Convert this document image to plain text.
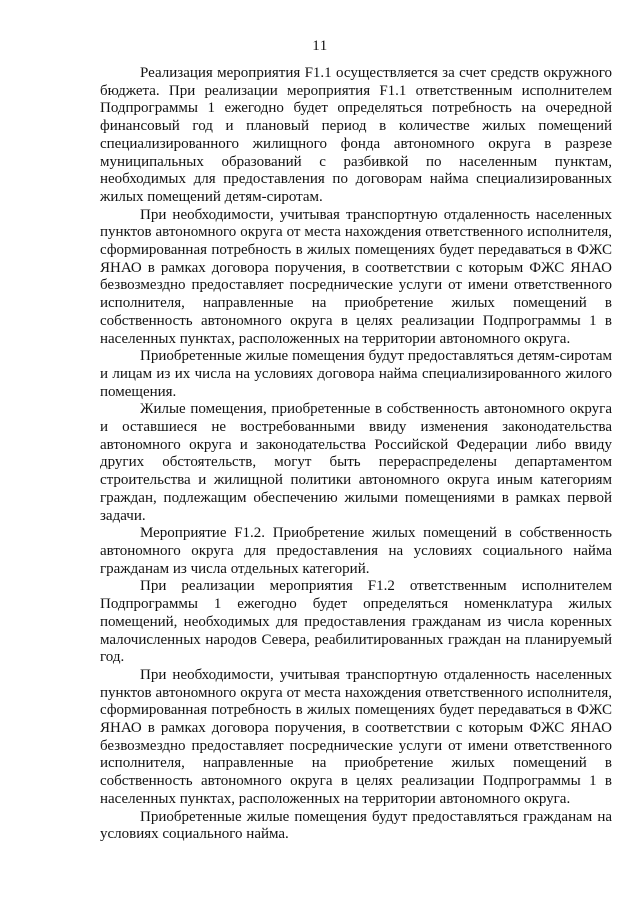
11

Реализация мероприятия F1.1 осуществляется за счет средств окружного бюджета. При реализации мероприятия F1.1 ответственным исполнителем Подпрограммы 1 ежегодно будет определяться потребность на очередной финансовый год и плановый период в количестве жилых помещений специализированного жилищного фонда автономного округа в разрезе муниципальных образований с разбивкой по населенным пунктам, необходимых для предоставления по договорам найма специализированных жилых помещений детям-сиротам.

При необходимости, учитывая транспортную отдаленность населенных пунктов автономного округа от места нахождения ответственного исполнителя, сформированная потребность в жилых помещениях будет передаваться в ФЖС ЯНАО в рамках договора поручения, в соответствии с которым ФЖС ЯНАО безвозмездно предоставляет посреднические услуги от имени ответственного исполнителя, направленные на приобретение жилых помещений в собственность автономного округа в целях реализации Подпрограммы 1 в населенных пунктах, расположенных на территории автономного округа.

Приобретенные жилые помещения будут предоставляться детям-сиротам и лицам из их числа на условиях договора найма специализированного жилого помещения.

Жилые помещения, приобретенные в собственность автономного округа и оставшиеся не востребованными ввиду изменения законодательства автономного округа и законодательства Российской Федерации либо ввиду других обстоятельств, могут быть перераспределены департаментом строительства и жилищной политики автономного округа иным категориям граждан, подлежащим обеспечению жилыми помещениями в рамках первой задачи.

Мероприятие F1.2. Приобретение жилых помещений в собственность автономного округа для предоставления на условиях социального найма гражданам из числа отдельных категорий.

При реализации мероприятия F1.2 ответственным исполнителем Подпрограммы 1 ежегодно будет определяться номенклатура жилых помещений, необходимых для предоставления гражданам из числа коренных малочисленных народов Севера, реабилитированных граждан на планируемый год.

При необходимости, учитывая транспортную отдаленность населенных пунктов автономного округа от места нахождения ответственного исполнителя, сформированная потребность в жилых помещениях будет передаваться в ФЖС ЯНАО в рамках договора поручения, в соответствии с которым ФЖС ЯНАО безвозмездно предоставляет посреднические услуги от имени ответственного исполнителя, направленные на приобретение жилых помещений в собственность автономного округа в целях реализации Подпрограммы 1 в населенных пунктах, расположенных на территории автономного округа.

Приобретенные жилые помещения будут предоставляться гражданам на условиях социального найма.
